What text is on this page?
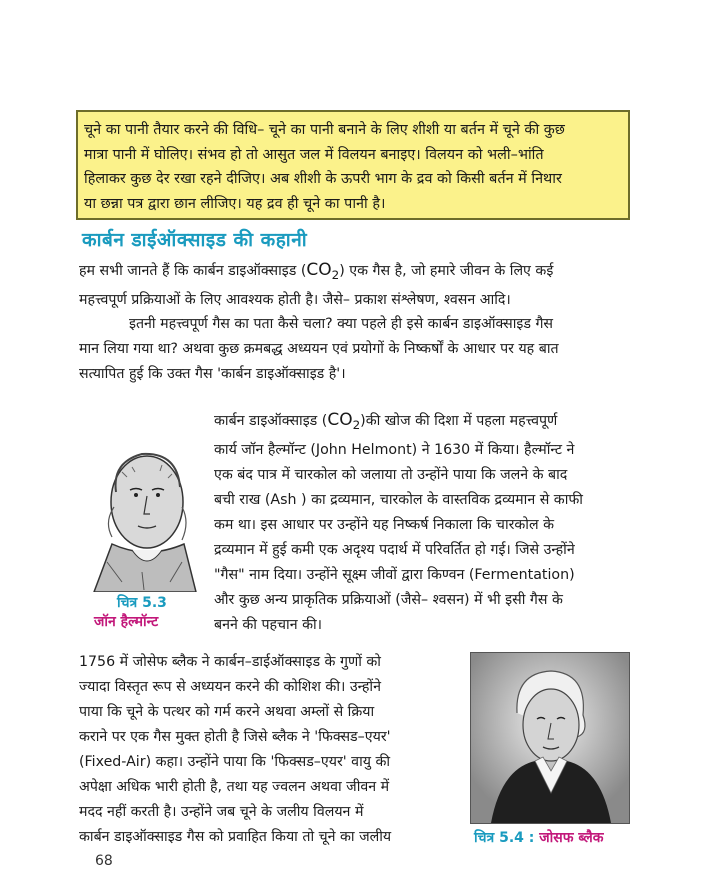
चूने का पानी तैयार करने की विधि– चूने का पानी बनाने के लिए शीशी या बर्तन में चूने की कुछ

मात्रा पानी में घोलिए। संभव हो तो आसुत जल में विलयन बनाइए। विलयन को भली–भांति

हिलाकर कुछ देर रखा रहने दीजिए। अब शीशी के ऊपरी भाग के द्रव को किसी बर्तन में निथार

या छन्ना पत्र द्वारा छान लीजिए। यह द्रव ही चूने का पानी है।

कार्बन डाईऑक्साइड की कहानी
हम सभी जानते हैं कि कार्बन डाइऑक्साइड $(CO_2)$ एक गैस है, जो हमारे जीवन के लिए कई
महत्त्वपूर्ण प्रक्रियाओं के लिए आवश्यक होती है। जैसे– प्रकाश संश्लेषण, श्वसन आदि।
इतनी महत्त्वपूर्ण गैस का पता कैसे चला? क्या पहले ही इसे कार्बन डाइऑक्साइड गैस
मान लिया गया था? अथवा कुछ क्रमबद्ध अध्ययन एवं प्रयोगों के निष्कर्षों के आधार पर यह बात
सत्यापित हुई कि उक्त गैस 'कार्बन डाइऑक्साइड है'।
कार्बन डाइऑक्साइड $(CO_2)की$ खोज की दिशा में पहला महत्त्वपूर्ण
कार्य जॉन हैल्मॉन्ट (John Helmont) ने 1630 में किया। हैल्मॉन्ट ने
एक बंद पात्र में चारकोल को जलाया तो उन्होंने पाया कि जलने के बाद
बची राख (Ash ) का द्रव्यमान, चारकोल के वास्तविक द्रव्यमान से काफी
कम था। इस आधार पर उन्होंने यह निष्कर्ष निकाला कि चारकोल के
द्रव्यमान में हुई कमी एक अदृश्य पदार्थ में परिवर्तित हो गई। जिसे उन्होंने
"गैस" नाम दिया। उन्होंने सूक्ष्म जीवों द्वारा किण्वन (Fermentation)
और कुछ अन्य प्राकृतिक प्रक्रियाओं (जैसे– श्वसन) में भी इसी गैस के
बनने की पहचान की।
चित्र 5.3
जॉन हैल्मॉन्ट
1756 में जोसेफ ब्लैक ने कार्बन–डाईऑक्साइड के गुणों को
ज्यादा विस्तृत रूप से अध्ययन करने की कोशिश की। उन्होंने
पाया कि चूने के पत्थर को गर्म करने अथवा अम्लों से क्रिया
कराने पर एक गैस मुक्त होती है जिसे ब्लैक ने 'फिक्सड–एयर'
(Fixed-Air) कहा। उन्होंने पाया कि 'फिक्सड–एयर' वायु की
अपेक्षा अधिक भारी होती है, तथा यह ज्वलन अथवा जीवन में
मदद नहीं करती है। उन्होंने जब चूने के जलीय विलयन में
कार्बन डाइऑक्साइड गैस को प्रवाहित किया तो चूने का जलीय	चित्र 5.4 : जोसफ ब्लैक
68
